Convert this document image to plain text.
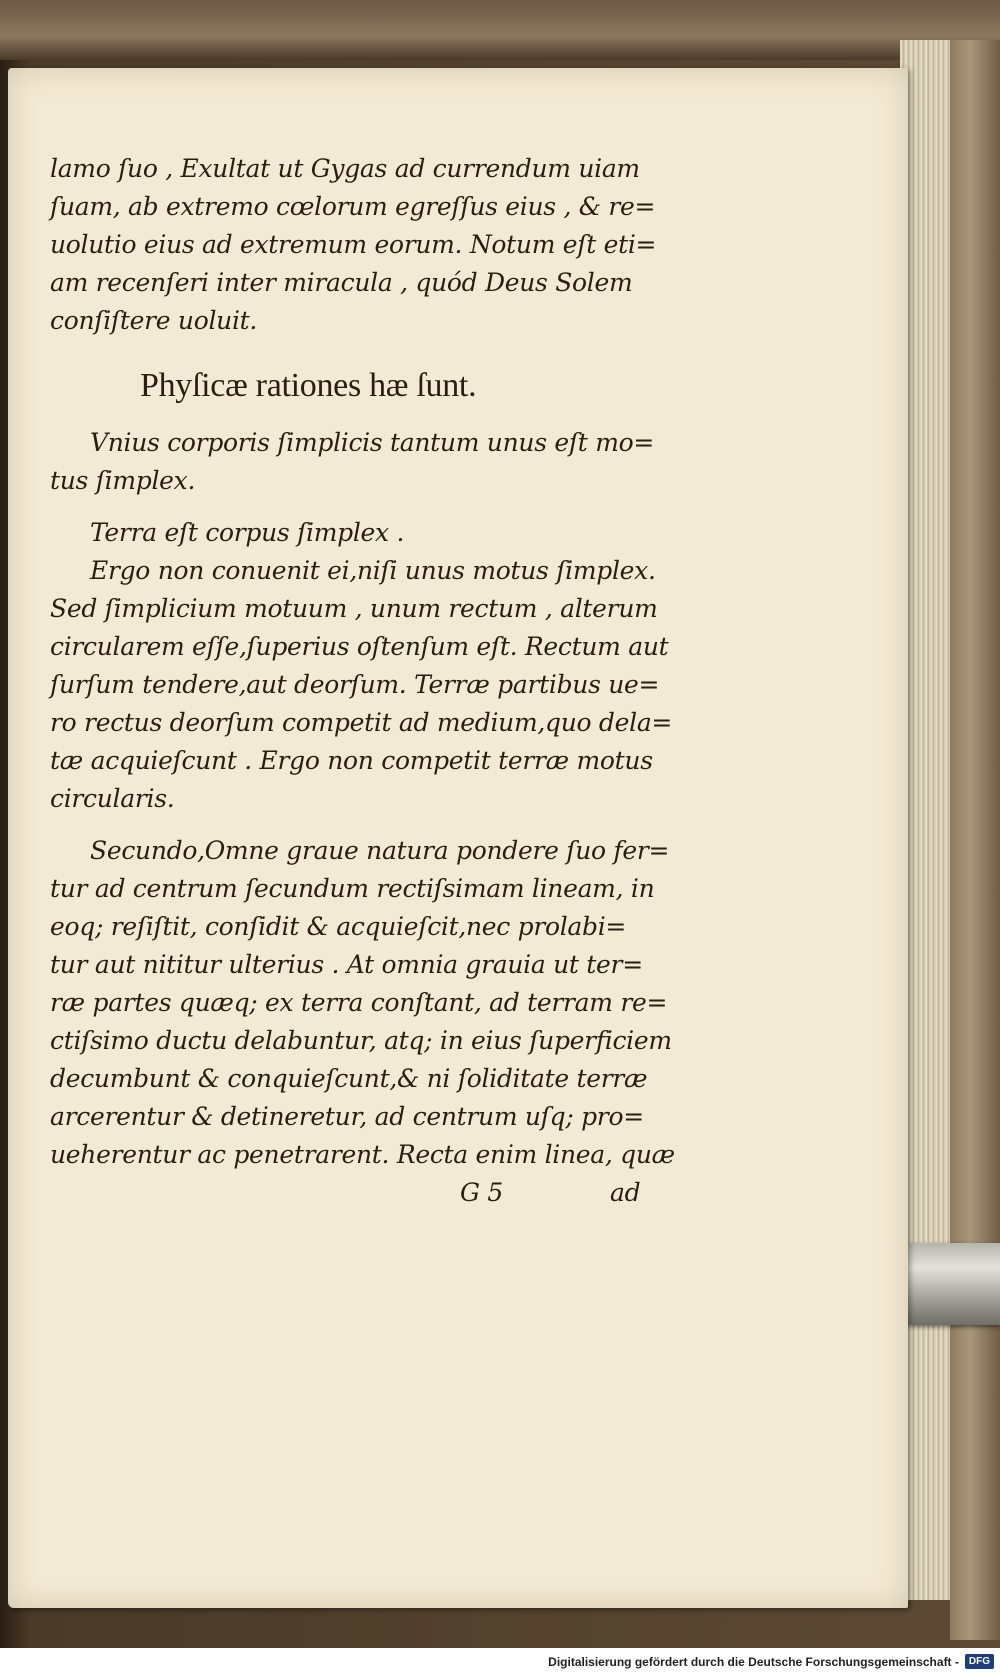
lamo ſuo , Exultat ut Gygas ad currendum uiam
ſuam, ab extremo cœlorum egreſſus eius , & re=
uolutio eius ad extremum eorum. Notum eſt eti=
am recenſeri inter miracula , quód Deus Solem
conſiſtere uoluit.
Phyſicæ rationes hæ ſunt.
Vnius corporis ſimplicis tantum unus eſt mo=
tus ſimplex.
Terra eſt corpus ſimplex .
Ergo non conuenit ei,niſi unus motus ſimplex.
Sed ſimplicium motuum , unum rectum , alterum
circularem eſſe,ſuperius oſtenſum eſt. Rectum aut
ſurſum tendere,aut deorſum. Terræ partibus ue=
ro rectus deorſum competit ad medium,quo dela=
tæ acquieſcunt . Ergo non competit terræ motus
circularis.
Secundo,Omne graue natura pondere ſuo fer=
tur ad centrum ſecundum rectiſsimam lineam, in
eoq; reſiſtit, conſidit & acquieſcit,nec prolabi=
tur aut nititur ulterius . At omnia grauia ut ter=
ræ partes quæq; ex terra conſtant, ad terram re=
ctiſsimo ductu delabuntur, atq; in eius ſuperficiem
decumbunt & conquieſcunt,& ni ſoliditate terræ
arcerentur & detineretur, ad centrum uſq; pro=
ueherentur ac penetrarent. Recta enim linea, quæ
G 5	ad
Digitalisierung gefördert durch die Deutsche Forschungsgemeinschaft -	DFG
